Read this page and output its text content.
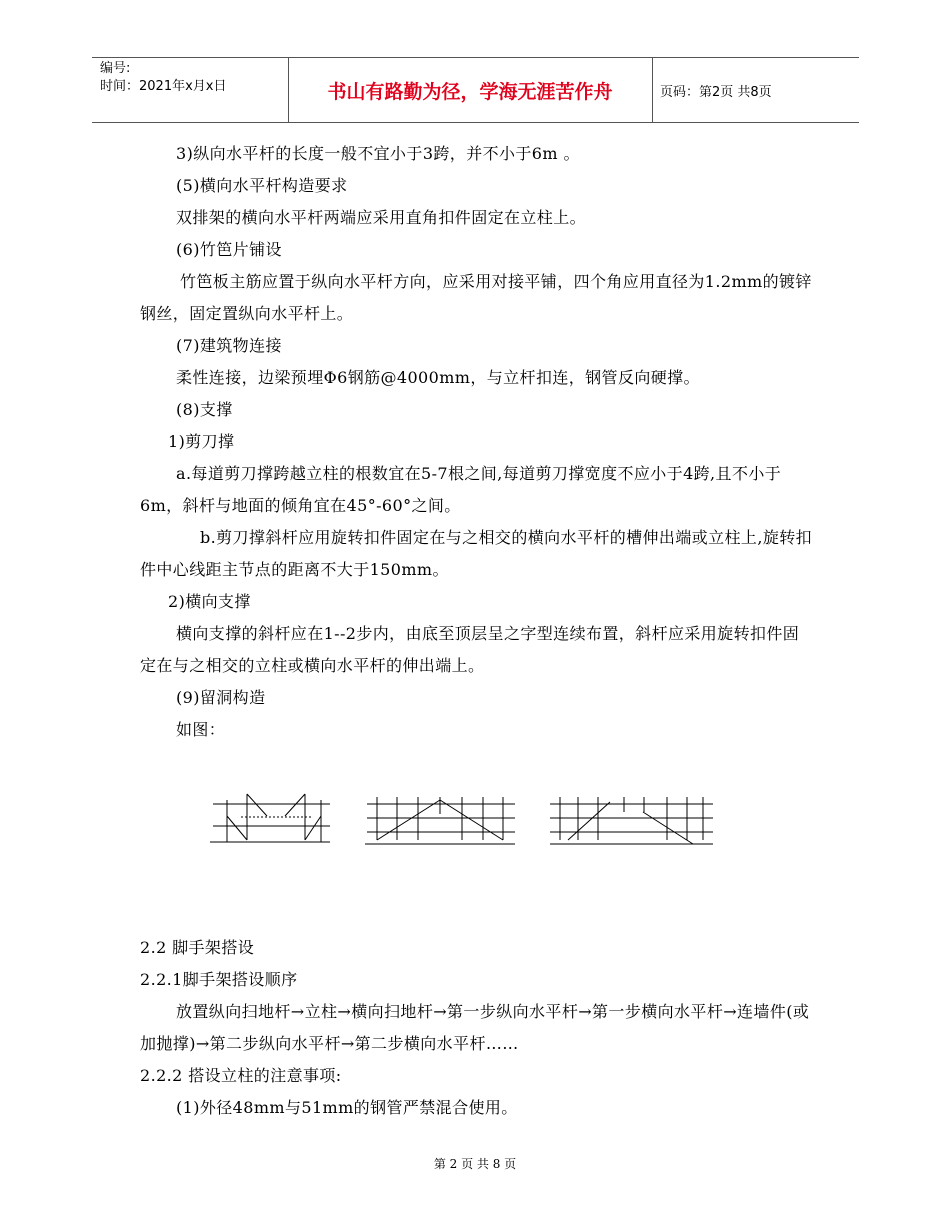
编号:
时间：2021年x月x日	书山有路勤为径，学海无涯苦作舟	页码：第2页 共8页

3)纵向水平杆的长度一般不宜小于3跨，并不小于6m 。

(5)横向水平杆构造要求

双排架的横向水平杆两端应采用直角扣件固定在立柱上。

(6)竹笆片铺设

竹笆板主筋应置于纵向水平杆方向，应采用对接平铺，四个角应用直径为1.2mm的镀锌钢丝，固定置纵向水平杆上。

(7)建筑物连接

柔性连接，边梁预埋Φ6钢筋@4000mm，与立杆扣连，钢管反向硬撑。

(8)支撑

1)剪刀撑

a.每道剪刀撑跨越立柱的根数宜在5-7根之间,每道剪刀撑宽度不应小于4跨,且不小于6m，斜杆与地面的倾角宜在45°-60°之间。

b.剪刀撑斜杆应用旋转扣件固定在与之相交的横向水平杆的槽伸出端或立柱上,旋转扣件中心线距主节点的距离不大于150mm。

2)横向支撑

横向支撑的斜杆应在1--2步内，由底至顶层呈之字型连续布置，斜杆应采用旋转扣件固定在与之相交的立柱或横向水平杆的伸出端上。

(9)留洞构造

如图：

2.2 脚手架搭设

2.2.1脚手架搭设顺序

放置纵向扫地杆→立柱→横向扫地杆→第一步纵向水平杆→第一步横向水平杆→连墙件(或加抛撑)→第二步纵向水平杆→第二步横向水平杆……

2.2.2 搭设立柱的注意事项:

(1)外径48mm与51mm的钢管严禁混合使用。

第 2 页 共 8 页
